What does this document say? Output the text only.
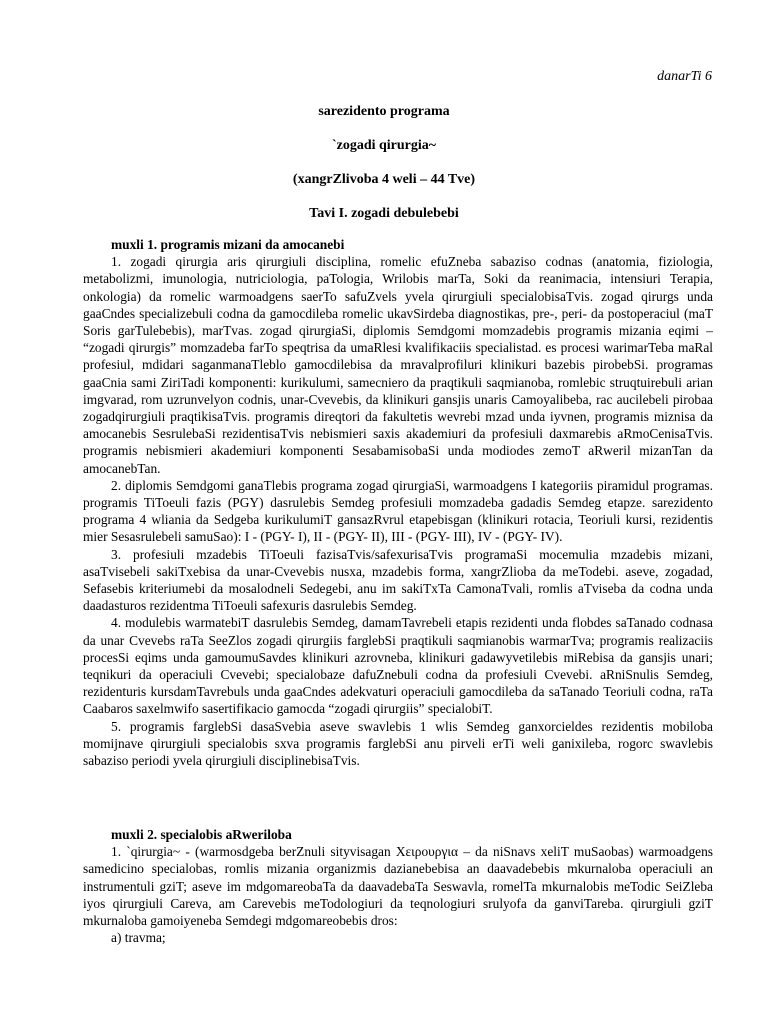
danarTi 6
sarezidento programa
`zogadi qirurgia~
(xangrZlivoba 4 weli – 44 Tve)
Tavi I. zogadi debulebebi

muxli 1. programis mizani da amocanebi

1. zogadi qirurgia aris qirurgiuli disciplina, romelic efuZneba sabaziso codnas (anatomia, fiziologia, metabolizmi, imunologia, nutriciologia, paTologia, Wrilobis marTa, Soki da reanimacia, intensiuri Terapia, onkologia) da romelic warmoadgens saerTo safuZvels yvela qirurgiuli specialobisaTvis. zogad qirurgs unda gaaCndes specializebuli codna da gamocdileba romelic ukavSirdeba diagnostikas, pre-, peri- da postoperaciul (maT Soris garTulebebis), marTvas. zogad qirurgiaSi, diplomis Semdgomi momzadebis programis mizania eqimi – “zogadi qirurgis” momzadeba farTo speqtrisa da umaRlesi kvalifikaciis specialistad. es procesi warimarTeba maRal profesiul, mdidari saganmanaTleblo gamocdilebisa da mravalprofiluri klinikuri bazebis pirobebSi. programas gaaCnia sami ZiriTadi komponenti: kurikulumi, samecniero da praqtikuli saqmianoba, romlebic struqtuirebuli arian imgvarad, rom uzrunvelyon codnis, unar-Cvevebis, da klinikuri gansjis unaris Camoyalibeba, rac aucilebeli pirobaa zogadqirurgiuli praqtikisaTvis. programis direqtori da fakultetis wevrebi mzad unda iyvnen, programis miznisa da amocanebis SesrulebaSi rezidentisaTvis nebismieri saxis akademiuri da profesiuli daxmarebis aRmoCenisaTvis. programis nebismieri akademiuri komponenti SesabamisobaSi unda modiodes zemoT aRweril mizanTan da amocanebTan.

2. diplomis Semdgomi ganaTlebis programa zogad qirurgiaSi, warmoadgens I kategoriis piramidul programas. programis TiToeuli fazis (PGY) dasrulebis Semdeg profesiuli momzadeba gadadis Semdeg etapze. sarezidento programa 4 wliania da Sedgeba kurikulumiT gansazRvrul etapebisgan (klinikuri rotacia, Teoriuli kursi, rezidentis mier Sesasrulebeli samuSao): I - (PGY- I), II - (PGY- II), III - (PGY- III), IV - (PGY- IV).

3. profesiuli mzadebis TiToeuli fazisaTvis/safexurisaTvis programaSi mocemulia mzadebis mizani, asaTvisebeli sakiTxebisa da unar-Cvevebis nusxa, mzadebis forma, xangrZlioba da meTodebi. aseve, zogadad, Sefasebis kriteriumebi da mosalodneli Sedegebi, anu im sakiTxTa CamonaTvali, romlis aTviseba da codna unda daadasturos rezidentma TiToeuli safexuris dasrulebis Semdeg.

4. modulebis warmatebiT dasrulebis Semdeg, damamTavrebeli etapis rezidenti unda flobdes saTanado codnasa da unar Cvevebs raTa SeeZlos zogadi qirurgiis farglebSi praqtikuli saqmianobis warmarTva; programis realizaciis procesSi eqims unda gamoumuSavdes klinikuri azrovneba, klinikuri gadawyvetilebis miRebisa da gansjis unari; teqnikuri da operaciuli Cvevebi; specialobaze dafuZnebuli codna da profesiuli Cvevebi. aRniSnulis Semdeg, rezidenturis kursdamTavrebuls unda gaaCndes adekvaturi operaciuli gamocdileba da saTanado Teoriuli codna, raTa Caabaros saxelmwifo sasertifikacio gamocda “zogadi qirurgiis” specialobiT.

5. programis farglebSi dasaSvebia aseve swavlebis 1 wlis Semdeg ganxorcieldes rezidentis mobiloba momijnave qirurgiuli specialobis sxva programis farglebSi anu pirveli erTi weli ganixileba, rogorc swavlebis sabaziso periodi yvela qirurgiuli disciplinebisaTvis.

muxli 2. specialobis aRweriloba

1. `qirurgia~ - (warmosdgeba berZnuli sityvisagan Χειρουργια – da niSnavs xeliT muSaobas) warmoadgens samedicino specialobas, romlis mizania organizmis dazianebebisa an daavadebebis mkurnaloba operaciuli an instrumentuli gziT; aseve im mdgomareobaTa da daavadebaTa Seswavla, romelTa mkurnalobis meTodic SeiZleba iyos qirurgiuli Careva, am Carevebis meTodologiuri da teqnologiuri srulyofa da ganviTareba. qirurgiuli gziT mkurnaloba gamoiyeneba Semdegi mdgomareobebis dros:

a) travma;
